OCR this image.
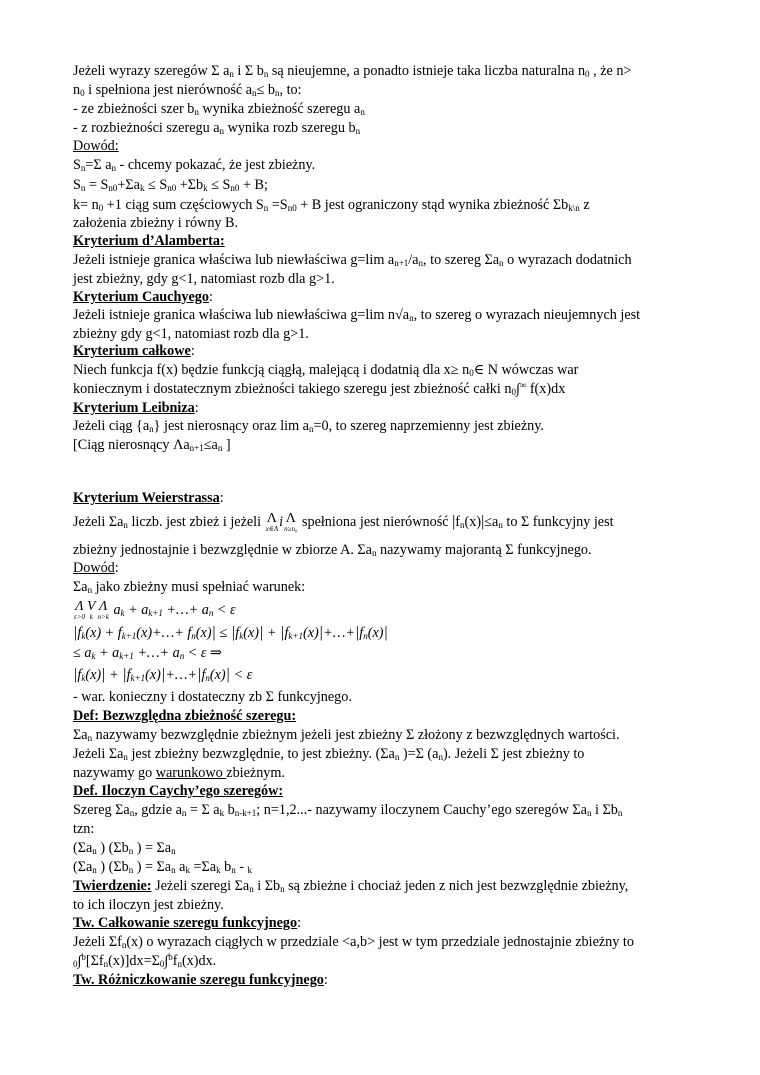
Jeżeli wyrazy szeregów Σ $a_n$ i Σ $b_n$ są nieujemne, a ponadto istnieje taka liczba naturalna $n_0$ , że n>
$n_0$ i spełniona jest nierówność $a_n\le b_n$, to:
- ze zbieżności szer $b_n$ wynika zbieżność szeregu $a_n$
- z rozbieżności szeregu $a_n$ wynika rozb szeregu $b_n$
Dowód:
$S_n=\Sigma$ $a_n$ - chcemy pokazać, że jest zbieżny.
$S_n = S_{n0}+\Sigma a_k \le S_{n0} +\Sigma b_k \le S_{n0} + B$;
$k= n_0 +1$ ciąg sum częściowych $S_n =S_{n0} + B$ jest ograniczony stąd wynika zbieżność $\Sigma b_{k\backslash n}$ z
założenia zbieżny i równy B.
Kryterium d’Alamberta:
Jeżeli istnieje granica właściwa lub niewłaściwa g=lim $a_{n+1}/a_n$, to szereg $\Sigma a_n$ o wyrazach dodatnich
jest zbieżny, gdy g<1, natomiast rozb dla g>1.
Kryterium Cauchyego:
Jeżeli istnieje granica właściwa lub niewłaściwa g=lim $n√a_n$, to szereg o wyrazach nieujemnych jest
zbieżny gdy g<1, natomiast rozb dla g>1.
Kryterium całkowe:
Niech funkcja f(x) będzie funkcją ciągłą, malejącą i dodatnią dla $x\ge n_0\in$ N wówczas war
koniecznym i dostatecznym zbieżności takiego szeregu jest zbieżność całki $n_0\int^\infty$ f(x)dx
Kryterium Leibniza:
Jeżeli ciąg $\{a_n\}$ jest nierosnący oraz $\lim a_n=0$, to szereg naprzemienny jest zbieżny.
[Ciąg nierosnący $\Lambda a_{n+1}\le a_n$ ]
Kryterium Weierstrassa:
Jeżeli $\Sigma a_n$ liczb. jest zbież i jeżeli Λ
x∈A i Λ
n≥n₀ spełniona jest nierówność $|f_n(x)|\le a_n$ to Σ funkcyjny jest
zbieżny jednostajnie i bezwzględnie w zbiorze A. $\Sigma a_n$ nazywamy majorantą Σ funkcyjnego.
Dowód:
$\Sigma a_n$ jako zbieżny musi spełniać warunek:
Λ
ε>0
V
k
Λ
n>k $a_k + a_{k+1}$ +…+ $a_n < \varepsilon$
$|f_k(x)$ + $f_{k+1}(x)+\dots+ f_n(x)| \le |f_k(x)|$ + $|f_{k+1}(x)|+\dots+|f_n(x)|$
≤ $a_k + a_{k+1}$ +…+ $a_n < \varepsilon$ ⇒
$|f_k(x)|$ + $|f_{k+1}(x)|+\dots+|f_n(x)| < \varepsilon$
- war. konieczny i dostateczny zb Σ funkcyjnego.
Def: Bezwzględna zbieżność szeregu:
$\Sigma a_n$ nazywamy bezwzględnie zbieżnym jeżeli jest zbieżny Σ złożony z bezwzględnych wartości.
Jeżeli $\Sigma a_n$ jest zbieżny bezwzględnie, to jest zbieżny. ($\Sigma a_n$ )=Σ $(a_n)$. Jeżeli Σ jest zbieżny to
nazywamy go warunkowo zbieżnym.
Def. Iloczyn Caychy’ego szeregów:
Szereg $\Sigma a_n$, gdzie $a_n = \Sigma$ $a_k$ $b_{n-k+1}$; n=1,2...- nazywamy iloczynem Cauchy’ego szeregów $\Sigma a_n$ i $\Sigma b_n$
tzn:
($\Sigma a_n$ ) ($\Sigma b_n$ ) = $\Sigma a_n$
($\Sigma a_n$ ) ($\Sigma b_n$ ) = $\Sigma a_n$ $a_k =\Sigma a_k$ $b_n - _k$
Twierdzenie: Jeżeli szeregi $\Sigma a_n$ i $\Sigma b_n$ są zbieżne i chociaż jeden z nich jest bezwzględnie zbieżny,
to ich iloczyn jest zbieżny.
Tw. Całkowanie szeregu funkcyjnego:
Jeżeli $\Sigma f_n(x)$ o wyrazach ciągłych w przedziale <a,b> jest w tym przedziale jednostajnie zbieżny to
$_0\int^b[\Sigma f_n(x)]dx=\Sigma_0\int^bf_n(x)dx$.
Tw. Różniczkowanie szeregu funkcyjnego:
